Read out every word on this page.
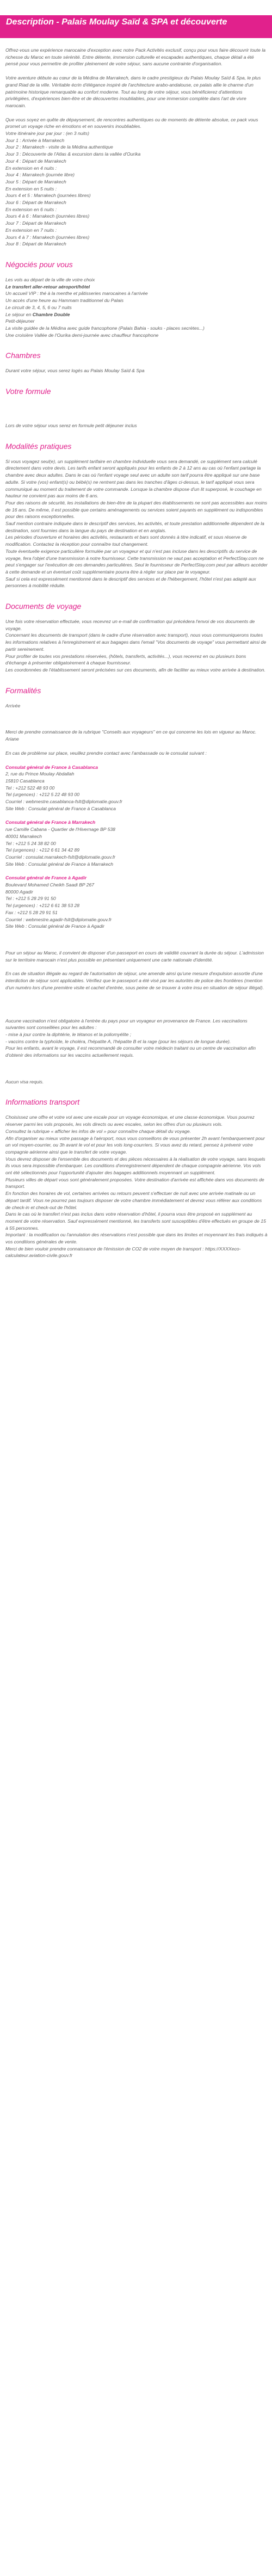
Description - Palais Moulay Saïd & SPA et découverte

Offrez-vous une expérience marocaine d'exception avec notre Pack Activités exclusif, conçu pour vous faire découvrir toute la richesse du Maroc en toute sérénité. Entre détente, immersion culturelle et escapades authentiques, chaque détail a été pensé pour vous permettre de profiter pleinement de votre séjour, sans aucune contrainte d'organisation.

Votre aventure débute au cœur de la Médina de Marrakech, dans le cadre prestigieux du Palais Moulay Saïd & Spa, le plus grand Riad de la ville. Véritable écrin d'élégance inspiré de l'architecture arabo-andalouse, ce palais allie le charme d'un patrimoine historique remarquable au confort moderne. Tout au long de votre séjour, vous bénéficierez d'attentions privilégiées, d'expériences bien-être et de découvertes inoubliables, pour une immersion complète dans l'art de vivre marocain.

Que vous soyez en quête de dépaysement, de rencontres authentiques ou de moments de détente absolue, ce pack vous promet un voyage riche en émotions et en souvenirs inoubliables.

Votre itinéraire jour par jour : (en 3 nuits)

Jour 1 : Arrivée à Marrakech

Jour 2 : Marrakech - visite de la Médina authentique

Jour 3 : Découverte de l'Atlas & excursion dans la vallée d'Ourika

Jour 4 : Départ de Marrakech

En extension en 4 nuits :

Jour 4 : Marrakech (journée libre)

Jour 5 : Départ de Marrakech

En extension en 5 nuits :

Jours 4 et 5 : Marrakech (journées libres)

Jour 6 : Départ de Marrakech

En extension en 6 nuits :

Jours 4 à 6 : Marrakech (journées libres)

Jour 7 : Départ de Marrakech

En extension en 7 nuits :

Jours 4 à 7 : Marrakech (journées libres)

Jour 8 : Départ de Marrakech

Négociés pour vous

Les vols au départ de la ville de votre choix

Le transfert aller-retour aéroport/hôtel

Un accueil VIP : thé à la menthe et pâtisseries marocaines à l'arrivée

Un accès d'une heure au Hammam traditionnel du Palais

Le circuit de 3, 4, 5, 6 ou 7 nuits

Le séjour en Chambre Double

Petit-déjeuner

La visite guidée de la Médina avec guide francophone (Palais Bahia - souks - places secrètes...)

Une croisière Vallée de l'Ourika demi-journée avec chauffeur francophone

Chambres

Durant votre séjour, vous serez logés au Palais Moulay Saïd & Spa

Votre formule

Lors de votre séjour vous serez en formule petit déjeuner inclus

Modalités pratiques

Si vous voyagez seul(e), un supplément tarifaire en chambre individuelle vous sera demandé, ce supplément sera calculé directement dans votre devis. Les tarifs enfant seront appliqués pour les enfants de 2 à 12 ans au cas où l'enfant partage la chambre avec deux adultes. Dans le cas où l'enfant voyage seul avec un adulte son tarif pourra être appliqué sur une base adulte. Si votre (vos) enfant(s) ou bébé(s) ne rentrent pas dans les tranches d'âges ci-dessus, le tarif appliqué vous sera communiqué au moment du traitement de votre commande. Lorsque la chambre dispose d'un lit superposé, le couchage en hauteur ne convient pas aux moins de 6 ans.

Pour des raisons de sécurité, les installations de bien-être de la plupart des établissements ne sont pas accessibles aux moins de 16 ans. De même, il est possible que certains aménagements ou services soient payants en supplément ou indisponibles pour des raisons exceptionnelles.

Sauf mention contraire indiquée dans le descriptif des services, les activités, et toute prestation additionnelle dépendent de la destination, sont fournies dans la langue du pays de destination et en anglais.

Les périodes d'ouverture et horaires des activités, restaurants et bars sont donnés à titre indicatif, et sous réserve de modification. Contactez la réception pour connaître tout changement.

Toute éventuelle exigence particulière formulée par un voyageur et qui n'est pas incluse dans les descriptifs du service de voyage, fera l'objet d'une transmission à notre fournisseur. Cette transmission ne vaut pas acceptation et PerfectStay.com ne peut s'engager sur l'exécution de ces demandes particulières. Seul le fournisseur de PerfectStay.com peut par ailleurs accéder à cette demande et un éventuel coût supplémentaire pourra être à régler sur place par le voyageur.

Sauf si cela est expressément mentionné dans le descriptif des services et de l'hébergement, l'hôtel n'est pas adapté aux personnes à mobilité réduite.

Documents de voyage

Une fois votre réservation effectuée, vous recevrez un e-mail de confirmation qui précédera l'envoi de vos documents de voyage.

Concernant les documents de transport (dans le cadre d'une réservation avec transport), nous vous communiquerons toutes les informations relatives à l'enregistrement et aux bagages dans l'email "Vos documents de voyage" vous permettant ainsi de partir sereinement.

Pour profiter de toutes vos prestations réservées, (hôtels, transferts, activités...), vous recevrez en ou plusieurs bons d'échange à présenter obligatoirement à chaque fournisseur.

Les coordonnées de l'établissement seront précisées sur ces documents, afin de faciliter au mieux votre arrivée à destination.

Formalités

Arrivée

Merci de prendre connaissance de la rubrique "Conseils aux voyageurs" en ce qui concerne les lois en vigueur au Maroc.

Ariane

En cas de problème sur place, veuillez prendre contact avec l'ambassade ou le consulat suivant :

Consulat général de France à Casablanca

2, rue du Prince Moulay Abdallah

15810 Casablanca

Tel : +212 522 48 93 00

Tel (urgences) : +212 5 22 48 93 00

Courriel : webmestre.casablanca-fslt@diplomatie.gouv.fr

Site Web : Consulat général de France à Casablanca

Consulat général de France à Marrakech

rue Camille Cabana - Quartier de l'Hivernage BP 538

40001 Marrakech

Tel : +212 5 24 38 82 00

Tel (urgences) : +212 6 61 34 42 89

Courriel : consulat.marrakech-fslt@diplomatie.gouv.fr

Site Web : Consulat général de France à Marrakech

Consulat général de France à Agadir

Boulevard Mohamed Cheikh Saadi BP 267

80000 Agadir

Tel : +212 5 28 29 91 50

Tel (urgences) : +212 6 61 38 53 28

Fax : +212 5 28 29 91 51

Courriel : webmestre.agadir-fslt@diplomatie.gouv.fr

Site Web : Consulat général de France à Agadir

Pour un séjour au Maroc, il convient de disposer d'un passeport en cours de validité couvrant la durée du séjour. L'admission sur le territoire marocain n'est plus possible en présentant uniquement une carte nationale d'identité.

En cas de situation illégale au regard de l'autorisation de séjour, une amende ainsi qu'une mesure d'expulsion assortie d'une interdiction de séjour sont applicables. Vérifiez que le passeport a été visé par les autorités de police des frontières (mention d'un numéro lors d'une première visite et cachet d'entrée, sous peine de se trouver à votre insu en situation de séjour illégal).

Aucune vaccination n'est obligatoire à l'entrée du pays pour un voyageur en provenance de France. Les vaccinations suivantes sont conseillées pour les adultes :

- mise à jour contre la diphtérie, le tétanos et la poliomyélite ;

- vaccins contre la typhoïde, le choléra, l'hépatite A, l'hépatite B et la rage (pour les séjours de longue durée).

Pour les enfants, avant le voyage, il est recommandé de consulter votre médecin traitant ou un centre de vaccination afin d'obtenir des informations sur les vaccins actuellement requis.

Aucun visa requis.

Informations transport

Choisissez une offre et votre vol avec une escale pour un voyage économique, et une classe économique. Vous pourrez réserver parmi les vols proposés, les vols directs ou avec escales, selon les offres d'un ou plusieurs vols.

Consultez la rubrique « afficher les infos de vol » pour connaître chaque détail du voyage.

Afin d'organiser au mieux votre passage à l'aéroport, nous vous conseillons de vous présenter 2h avant l'embarquement pour un vol moyen-courrier, ou 3h avant le vol et pour les vols long-courriers. Si vous avez du retard, pensez à prévenir votre compagnie aérienne ainsi que le transfert de votre voyage.

Vous devrez disposer de l'ensemble des documents et des pièces nécessaires à la réalisation de votre voyage, sans lesquels ils vous sera impossible d'embarquer. Les conditions d'enregistrement dépendent de chaque compagnie aérienne. Vos vols ont été sélectionnés pour l'opportunité d'ajouter des bagages additionnels moyennant un supplément.

Plusieurs villes de départ vous sont généralement proposées. Votre destination d'arrivée est affichée dans vos documents de transport.

En fonction des horaires de vol, certaines arrivées ou retours peuvent s'effectuer de nuit avec une arrivée matinale ou un départ tardif. Vous ne pourrez pas toujours disposer de votre chambre immédiatement et devrez vous référer aux conditions de check-in et check-out de l'hôtel.

Dans le cas où le transfert n'est pas inclus dans votre réservation d'hôtel, il pourra vous être proposé en supplément au moment de votre réservation. Sauf expressément mentionné, les transferts sont susceptibles d'être effectués en groupe de 15 à 55 personnes.

Important : la modification ou l'annulation des réservations n'est possible que dans les limites et moyennant les frais indiqués à vos conditions générales de vente.

Merci de bien vouloir prendre connaissance de l'émission de CO2 de votre moyen de transport : https://XXXXeco-calculateur.aviation-civile.gouv.fr
